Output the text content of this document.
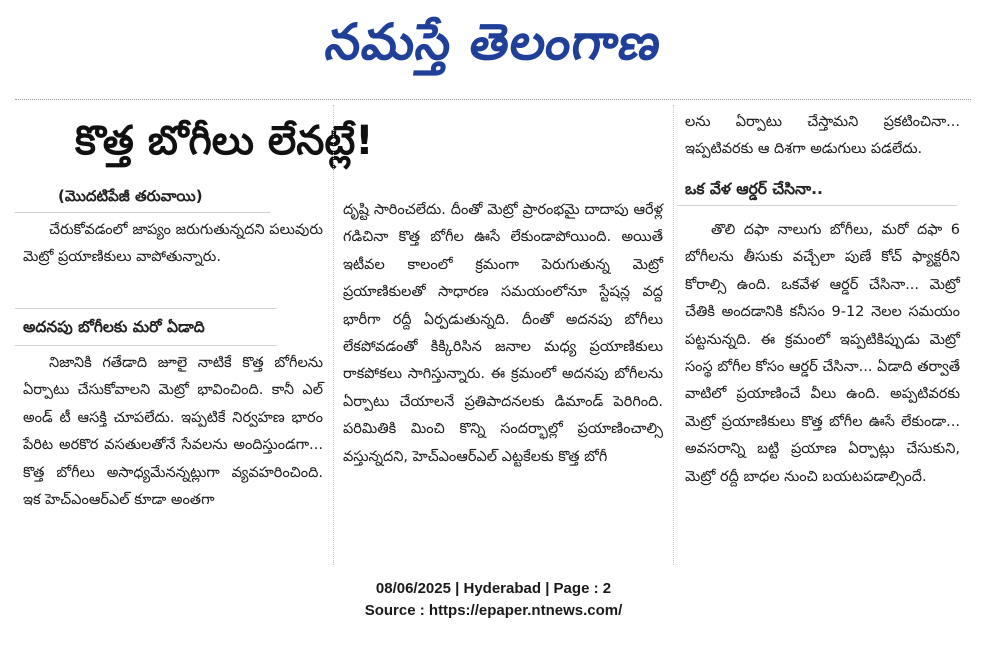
నమస్తే తెలంగాణ
కొత్త బోగీలు లేనట్లే!
(మొదటిపేజీ తరువాయి)

చేరుకోవడంలో జాప్యం జరుగుతున్నదని పలువురు మెట్రో ప్రయాణికులు వాపోతున్నారు.

అదనపు బోగీలకు మరో ఏడాది

నిజానికి గతేడాది జూలై నాటికే కొత్త బోగీలను ఏర్పాటు చేసుకోవాలని మెట్రో భావించింది. కానీ ఎల్ అండ్ టీ ఆసక్తి చూపలేదు. ఇప్పటికే నిర్వహణ భారం పేరిట అరకొర వసతులతోనే సేవలను అందిస్తుండగా... కొత్త బోగీలు అసాధ్యమేనన్నట్లుగా వ్యవహరించింది. ఇక హెచ్ఎంఆర్ఎల్ కూడా అంతగా

దృష్టి సారించలేదు. దీంతో మెట్రో ప్రారంభమై దాదాపు ఆరేళ్ల గడిచినా కొత్త బోగీల ఊసే లేకుండాపోయింది. అయితే ఇటీవల కాలంలో క్రమంగా పెరుగుతున్న మెట్రో ప్రయాణికులతో సాధారణ సమయంలోనూ స్టేషన్ల వద్ద భారీగా రద్దీ ఏర్పడుతున్నది. దీంతో అదనపు బోగీలు లేకపోవడంతో కిక్కిరిసిన జనాల మధ్య ప్రయాణికులు రాకపోకలు సాగిస్తున్నారు. ఈ క్రమంలో అదనపు బోగీలను ఏర్పాటు చేయాలనే ప్రతిపాదనలకు డిమాండ్ పెరిగింది. పరిమితికి మించి కొన్ని సందర్భాల్లో ప్రయాణించాల్సి వస్తున్నదని, హెచ్ఎంఆర్ఎల్ ఎట్టకేలకు కొత్త బోగీ

లను ఏర్పాటు చేస్తామని ప్రకటించినా... ఇప్పటివరకు ఆ దిశగా అడుగులు పడలేదు.

ఒక వేళ ఆర్డర్ చేసినా..

తొలి దఫా నాలుగు బోగీలు, మరో దఫా 6 బోగీలను తీసుకు వచ్చేలా పుణే కోచ్ ఫ్యాక్టరీని కోరాల్సి ఉంది. ఒకవేళ ఆర్డర్ చేసినా... మెట్రో చేతికి అందడానికి కనీసం 9-12 నెలల సమయం పట్టనున్నది. ఈ క్రమంలో ఇప్పటికిప్పుడు మెట్రో సంస్థ బోగీల కోసం ఆర్డర్ చేసినా... ఏడాది తర్వాతే వాటిలో ప్రయాణించే వీలు ఉంది. అప్పటివరకు మెట్రో ప్రయాణికులు కొత్త బోగీల ఊసే లేకుండా... అవసరాన్ని బట్టి ప్రయాణ ఏర్పాట్లు చేసుకుని, మెట్రో రద్దీ బాధల నుంచి బయటపడాల్సిందే.

08/06/2025 | Hyderabad | Page : 2
Source : https://epaper.ntnews.com/
